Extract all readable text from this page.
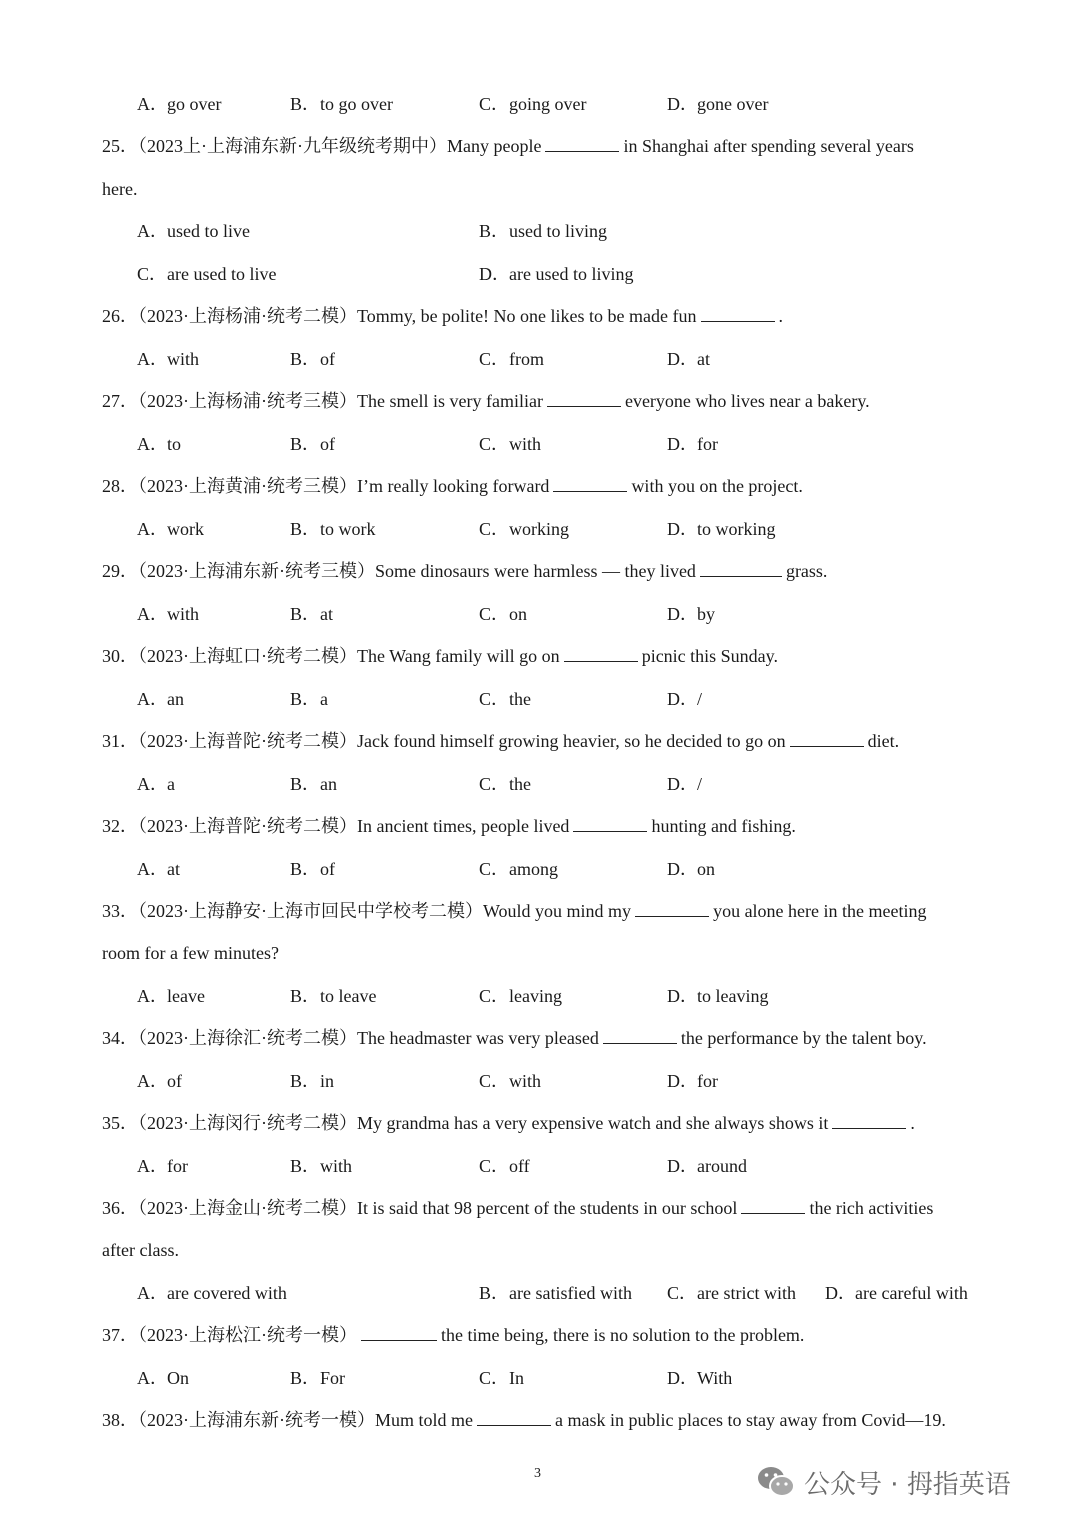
A．go over	B．to go over	C．going over	D．gone over
25．（2023上·上海浦东新·九年级统考期中）Many people	in Shanghai after spending several years
here.
A．used to live	B．used to living
C．are used to live	D．are used to living
26．（2023·上海杨浦·统考二模）Tommy, be polite! No one likes to be made fun	.
A．with	B．of	C．from	D．at
27．（2023·上海杨浦·统考三模）The smell is very familiar	everyone who lives near a bakery.
A．to	B．of	C．with	D．for
28．（2023·上海黄浦·统考三模）I’m really looking forward	with you on the project.
A．work	B．to work	C．working	D．to working
29．（2023·上海浦东新·统考三模）Some dinosaurs were harmless — they lived	grass.
A．with	B．at	C．on	D．by
30．（2023·上海虹口·统考二模）The Wang family will go on	picnic this Sunday.
A．an	B．a	C．the	D．/
31．（2023·上海普陀·统考二模）Jack found himself growing heavier, so he decided to go on	diet.
A．a	B．an	C．the	D．/
32．（2023·上海普陀·统考二模）In ancient times, people lived	hunting and fishing.
A．at	B．of	C．among	D．on
33．（2023·上海静安·上海市回民中学校考二模）Would you mind my	you alone here in the meeting
room for a few minutes?
A．leave	B．to leave	C．leaving	D．to leaving
34．（2023·上海徐汇·统考二模）The headmaster was very pleased	the performance by the talent boy.
A．of	B．in	C．with	D．for
35．（2023·上海闵行·统考二模）My grandma has a very expensive watch and she always shows it	.
A．for	B．with	C．off	D．around
36．（2023·上海金山·统考二模）It is said that 98 percent of the students in our school	the rich activities
after class.
A．are covered with	B．are satisfied with C．are strict with D．are careful with
37．（2023·上海松江·统考一模）	the time being, there is no solution to the problem.
A．On	B．For	C．In	D．With
38．（2023·上海浦东新·统考一模）Mum told me	a mask in public places to stay away from Covid—19.
3	公众号 · 拇指英语
